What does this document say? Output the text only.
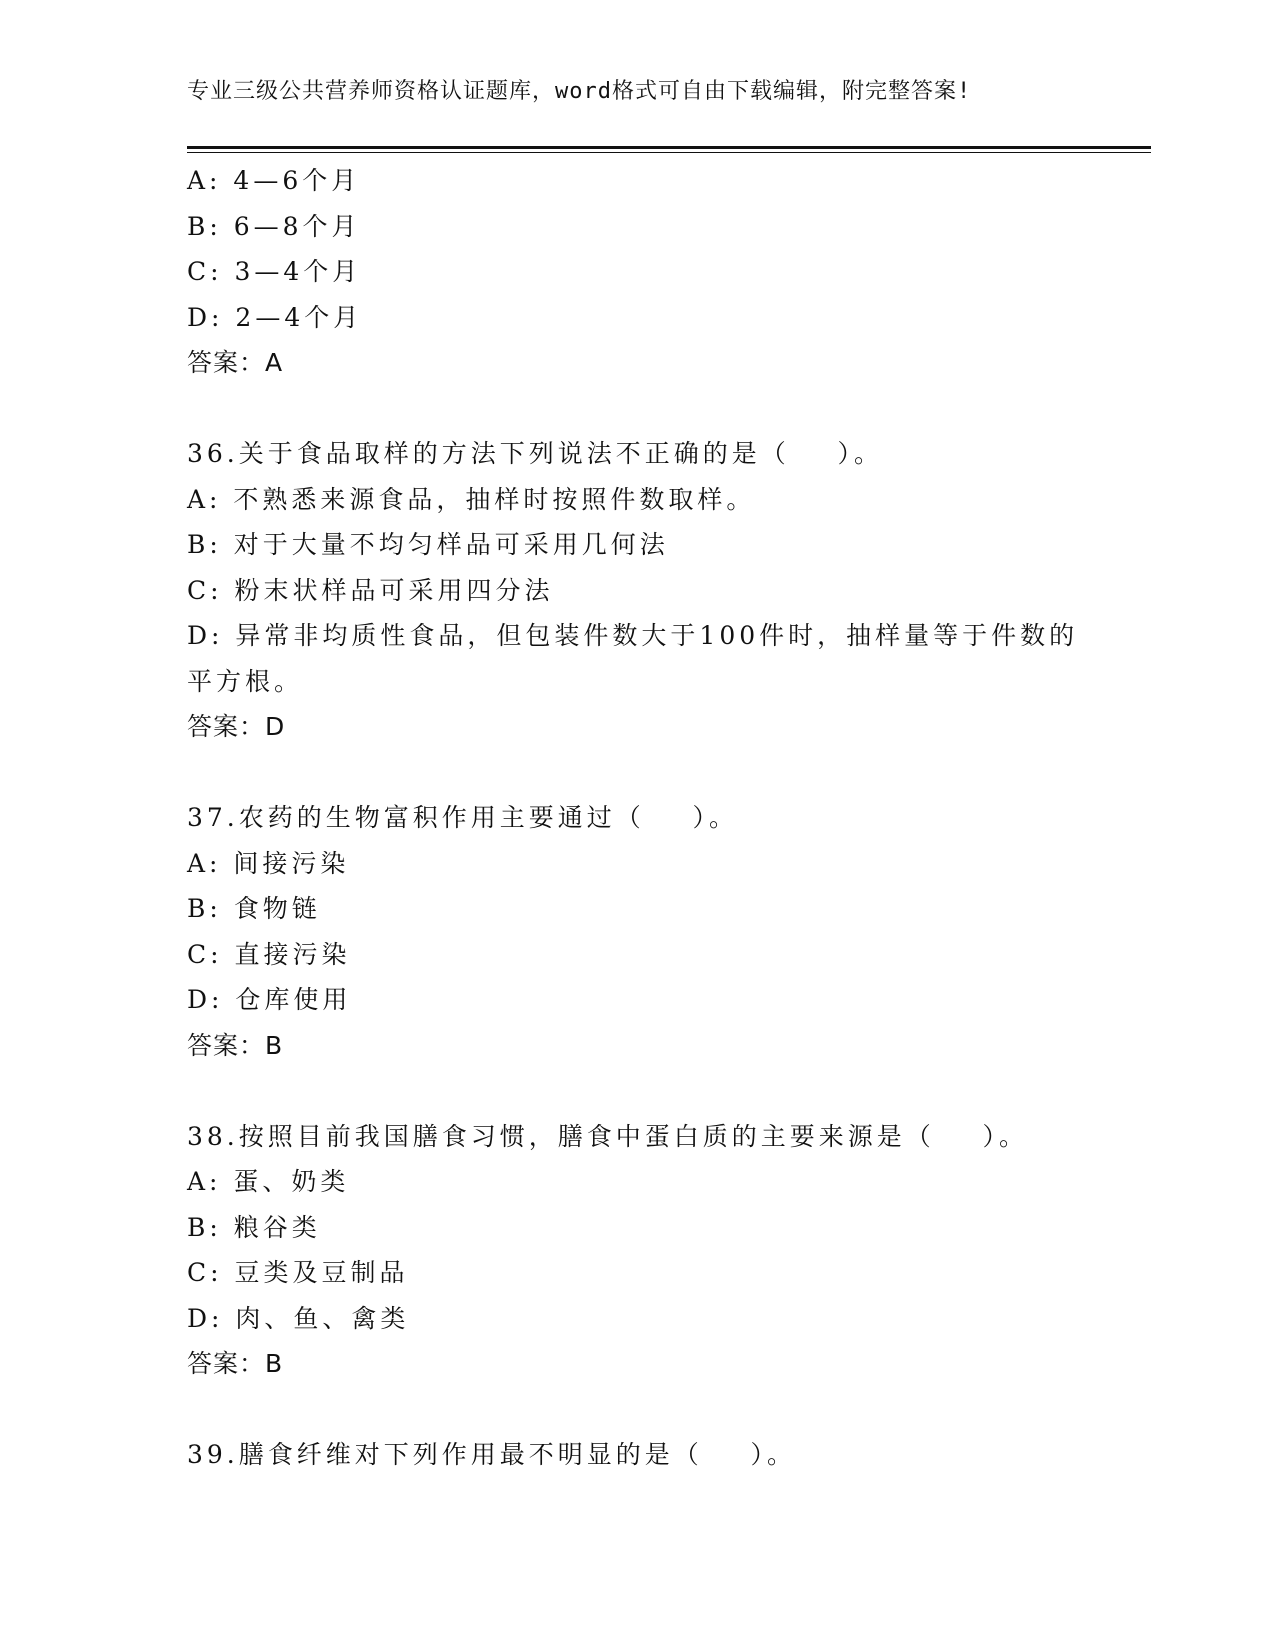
专业三级公共营养师资格认证题库，word格式可自由下载编辑，附完整答案!
A: 4—6个月
B: 6—8个月
C: 3—4个月
D: 2—4个月
答案：A
36.关于食品取样的方法下列说法不正确的是（    ）。
A: 不熟悉来源食品，抽样时按照件数取样。
B: 对于大量不均匀样品可采用几何法
C: 粉末状样品可采用四分法
D: 异常非均质性食品，但包装件数大于100件时，抽样量等于件数的
平方根。
答案：D
37.农药的生物富积作用主要通过（    ）。
A: 间接污染
B: 食物链
C: 直接污染
D: 仓库使用
答案：B
38.按照目前我国膳食习惯，膳食中蛋白质的主要来源是（    ）。
A: 蛋、奶类
B: 粮谷类
C: 豆类及豆制品
D: 肉、鱼、禽类
答案：B
39.膳食纤维对下列作用最不明显的是（    ）。
